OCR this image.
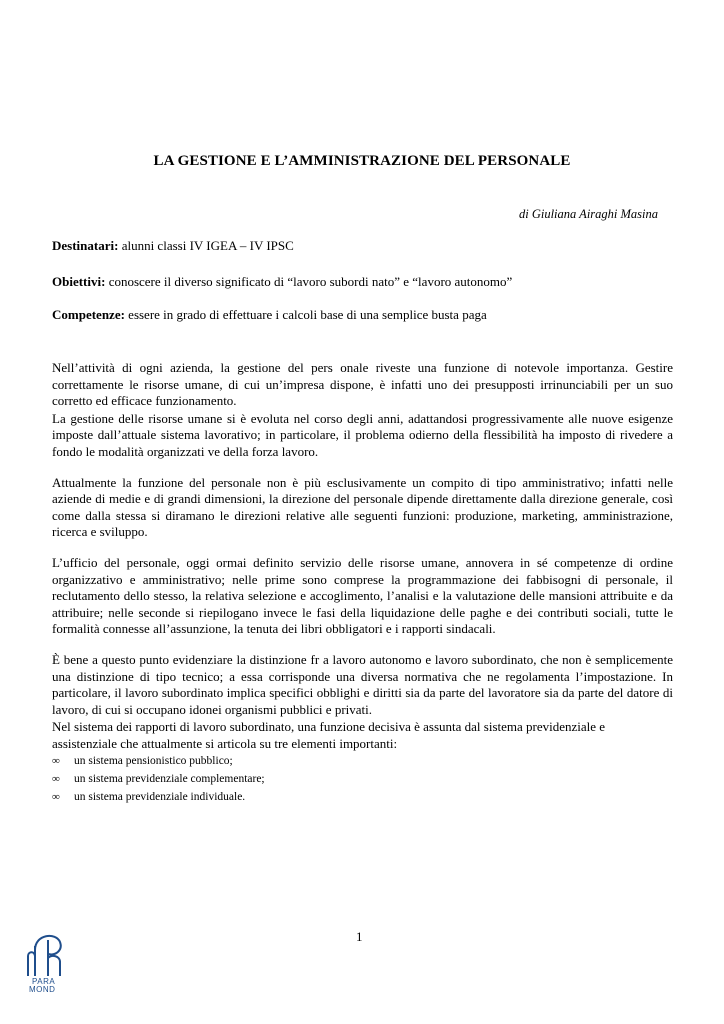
LA GESTIONE E L’AMMINISTRAZIONE DEL PERSONALE
di Giuliana Airaghi Masina
Destinatari: alunni classi IV IGEA – IV IPSC
Obiettivi: conoscere il diverso significato di “lavoro subordi nato” e “lavoro autonomo”
Competenze: essere in grado di effettuare i calcoli base di una semplice busta paga

Nell’attività di ogni azienda, la gestione del pers onale riveste una funzione di notevole importanza. Gestire correttamente le risorse umane, di cui un’impresa dispone, è infatti uno dei presupposti irrinunciabili per un suo corretto ed efficace funzionamento.

La gestione delle risorse umane si è evoluta nel corso degli anni, adattandosi progressivamente alle nuove esigenze imposte dall’attuale sistema lavorativo; in particolare, il problema odierno della flessibilità ha imposto di rivedere a fondo le modalità organizzati ve della forza lavoro.

Attualmente la funzione del personale non è più esclusivamente un compito di tipo amministrativo; infatti nelle aziende di medie e di grandi dimensioni, la direzione del personale dipende direttamente dalla direzione generale, così come dalla stessa si diramano le direzioni relative alle seguenti funzioni: produzione, marketing, amministrazione, ricerca e sviluppo.

L’ufficio del personale, oggi ormai definito servizio delle risorse umane, annovera in sé competenze di ordine organizzativo e amministrativo; nelle prime sono comprese la programmazione dei fabbisogni di personale, il reclutamento dello stesso, la relativa selezione e accoglimento, l’analisi e la valutazione delle mansioni attribuite e da attribuire; nelle seconde si riepilogano invece le fasi della liquidazione delle paghe e dei contributi sociali, tutte le formalità connesse all’assunzione, la tenuta dei libri obbligatori e i rapporti sindacali.

È bene a questo punto evidenziare la distinzione fr a lavoro autonomo e lavoro subordinato, che non è semplicemente una distinzione di tipo tecnico; a essa corrisponde una diversa normativa che ne regolamenta l’impostazione. In particolare, il lavoro subordinato implica specifici obblighi e diritti sia da parte del lavoratore sia da parte del datore di lavoro, di cui si occupano idonei organismi pubblici e privati.

Nel sistema dei rapporti di lavoro subordinato, una funzione decisiva è assunta dal sistema previdenziale e assistenziale che attualmente si articola su tre elementi importanti:

∞	un sistema pensionistico pubblico;
∞	un sistema previdenziale complementare;
∞	un sistema previdenziale individuale.
1
PARA
MOND
